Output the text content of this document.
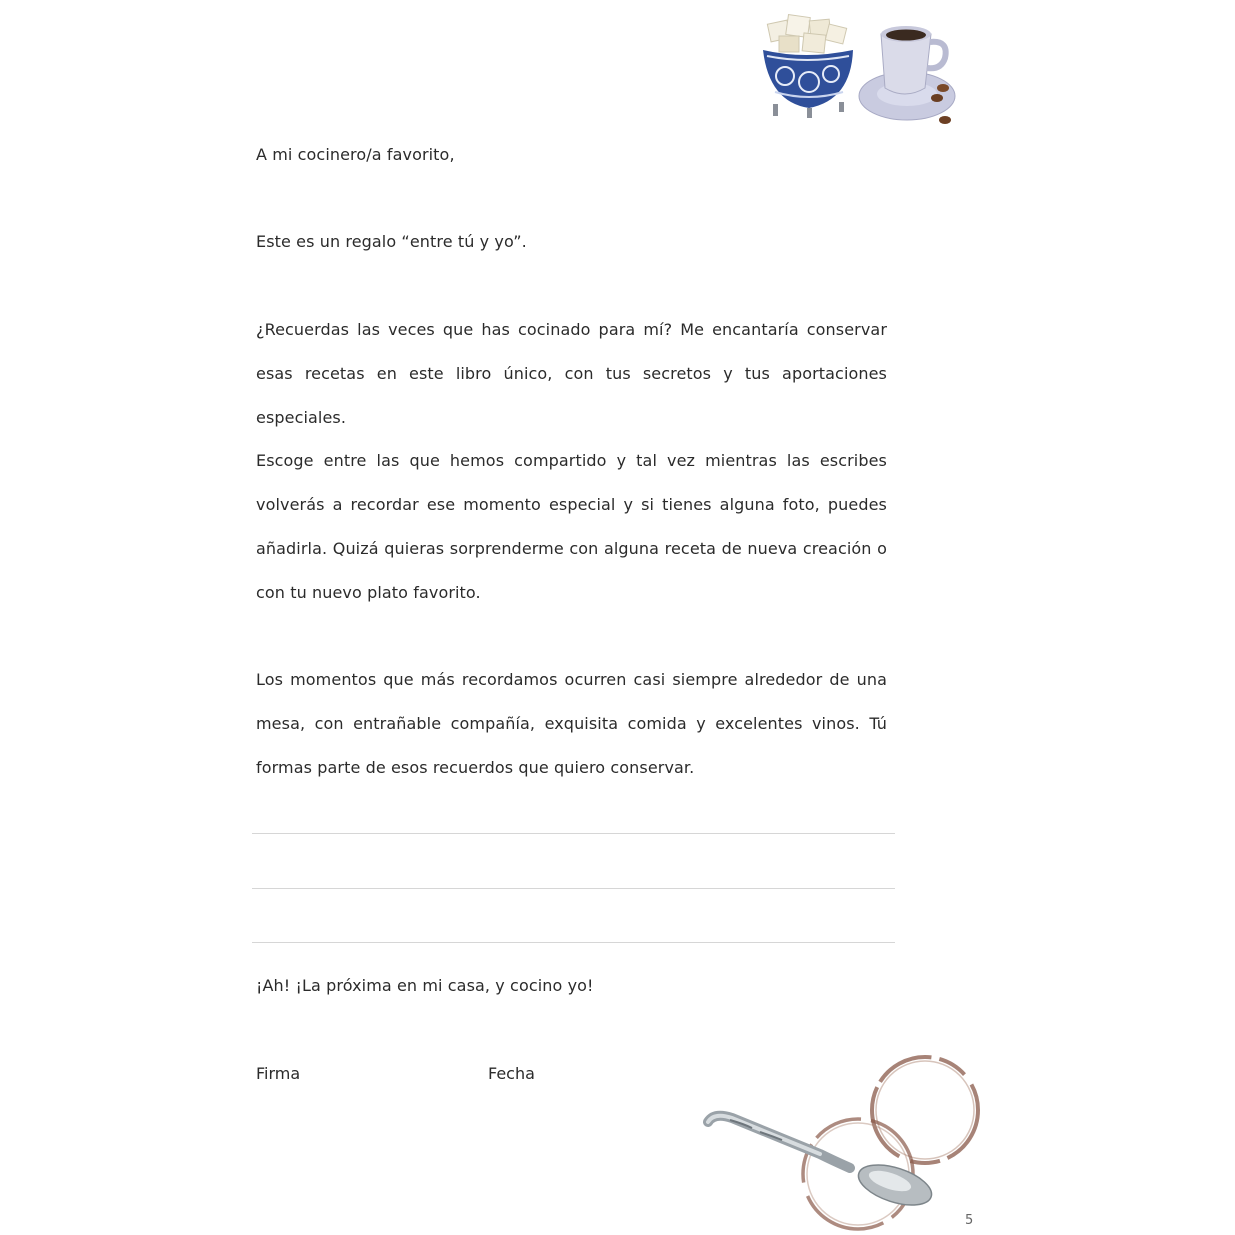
A mi cocinero/a favorito,

Este es un regalo “entre tú y yo”.

¿Recuerdas las veces que has cocinado para mí? Me encantaría conservar esas recetas en este libro único, con tus secretos y tus aportaciones especiales.

Escoge entre las que hemos compartido y tal vez mientras las escribes volverás a recordar ese momento especial y si tienes alguna foto, puedes añadirla. Quizá quieras sorprenderme con alguna receta de nueva creación o con tu nuevo plato favorito.

Los momentos que más recordamos ocurren casi siempre alrededor de una mesa, con entrañable compañía, exquisita comida y excelentes vinos. Tú formas parte de esos recuerdos que quiero conservar.

¡Ah! ¡La próxima en mi casa, y cocino yo!

Firma	Fecha
5
